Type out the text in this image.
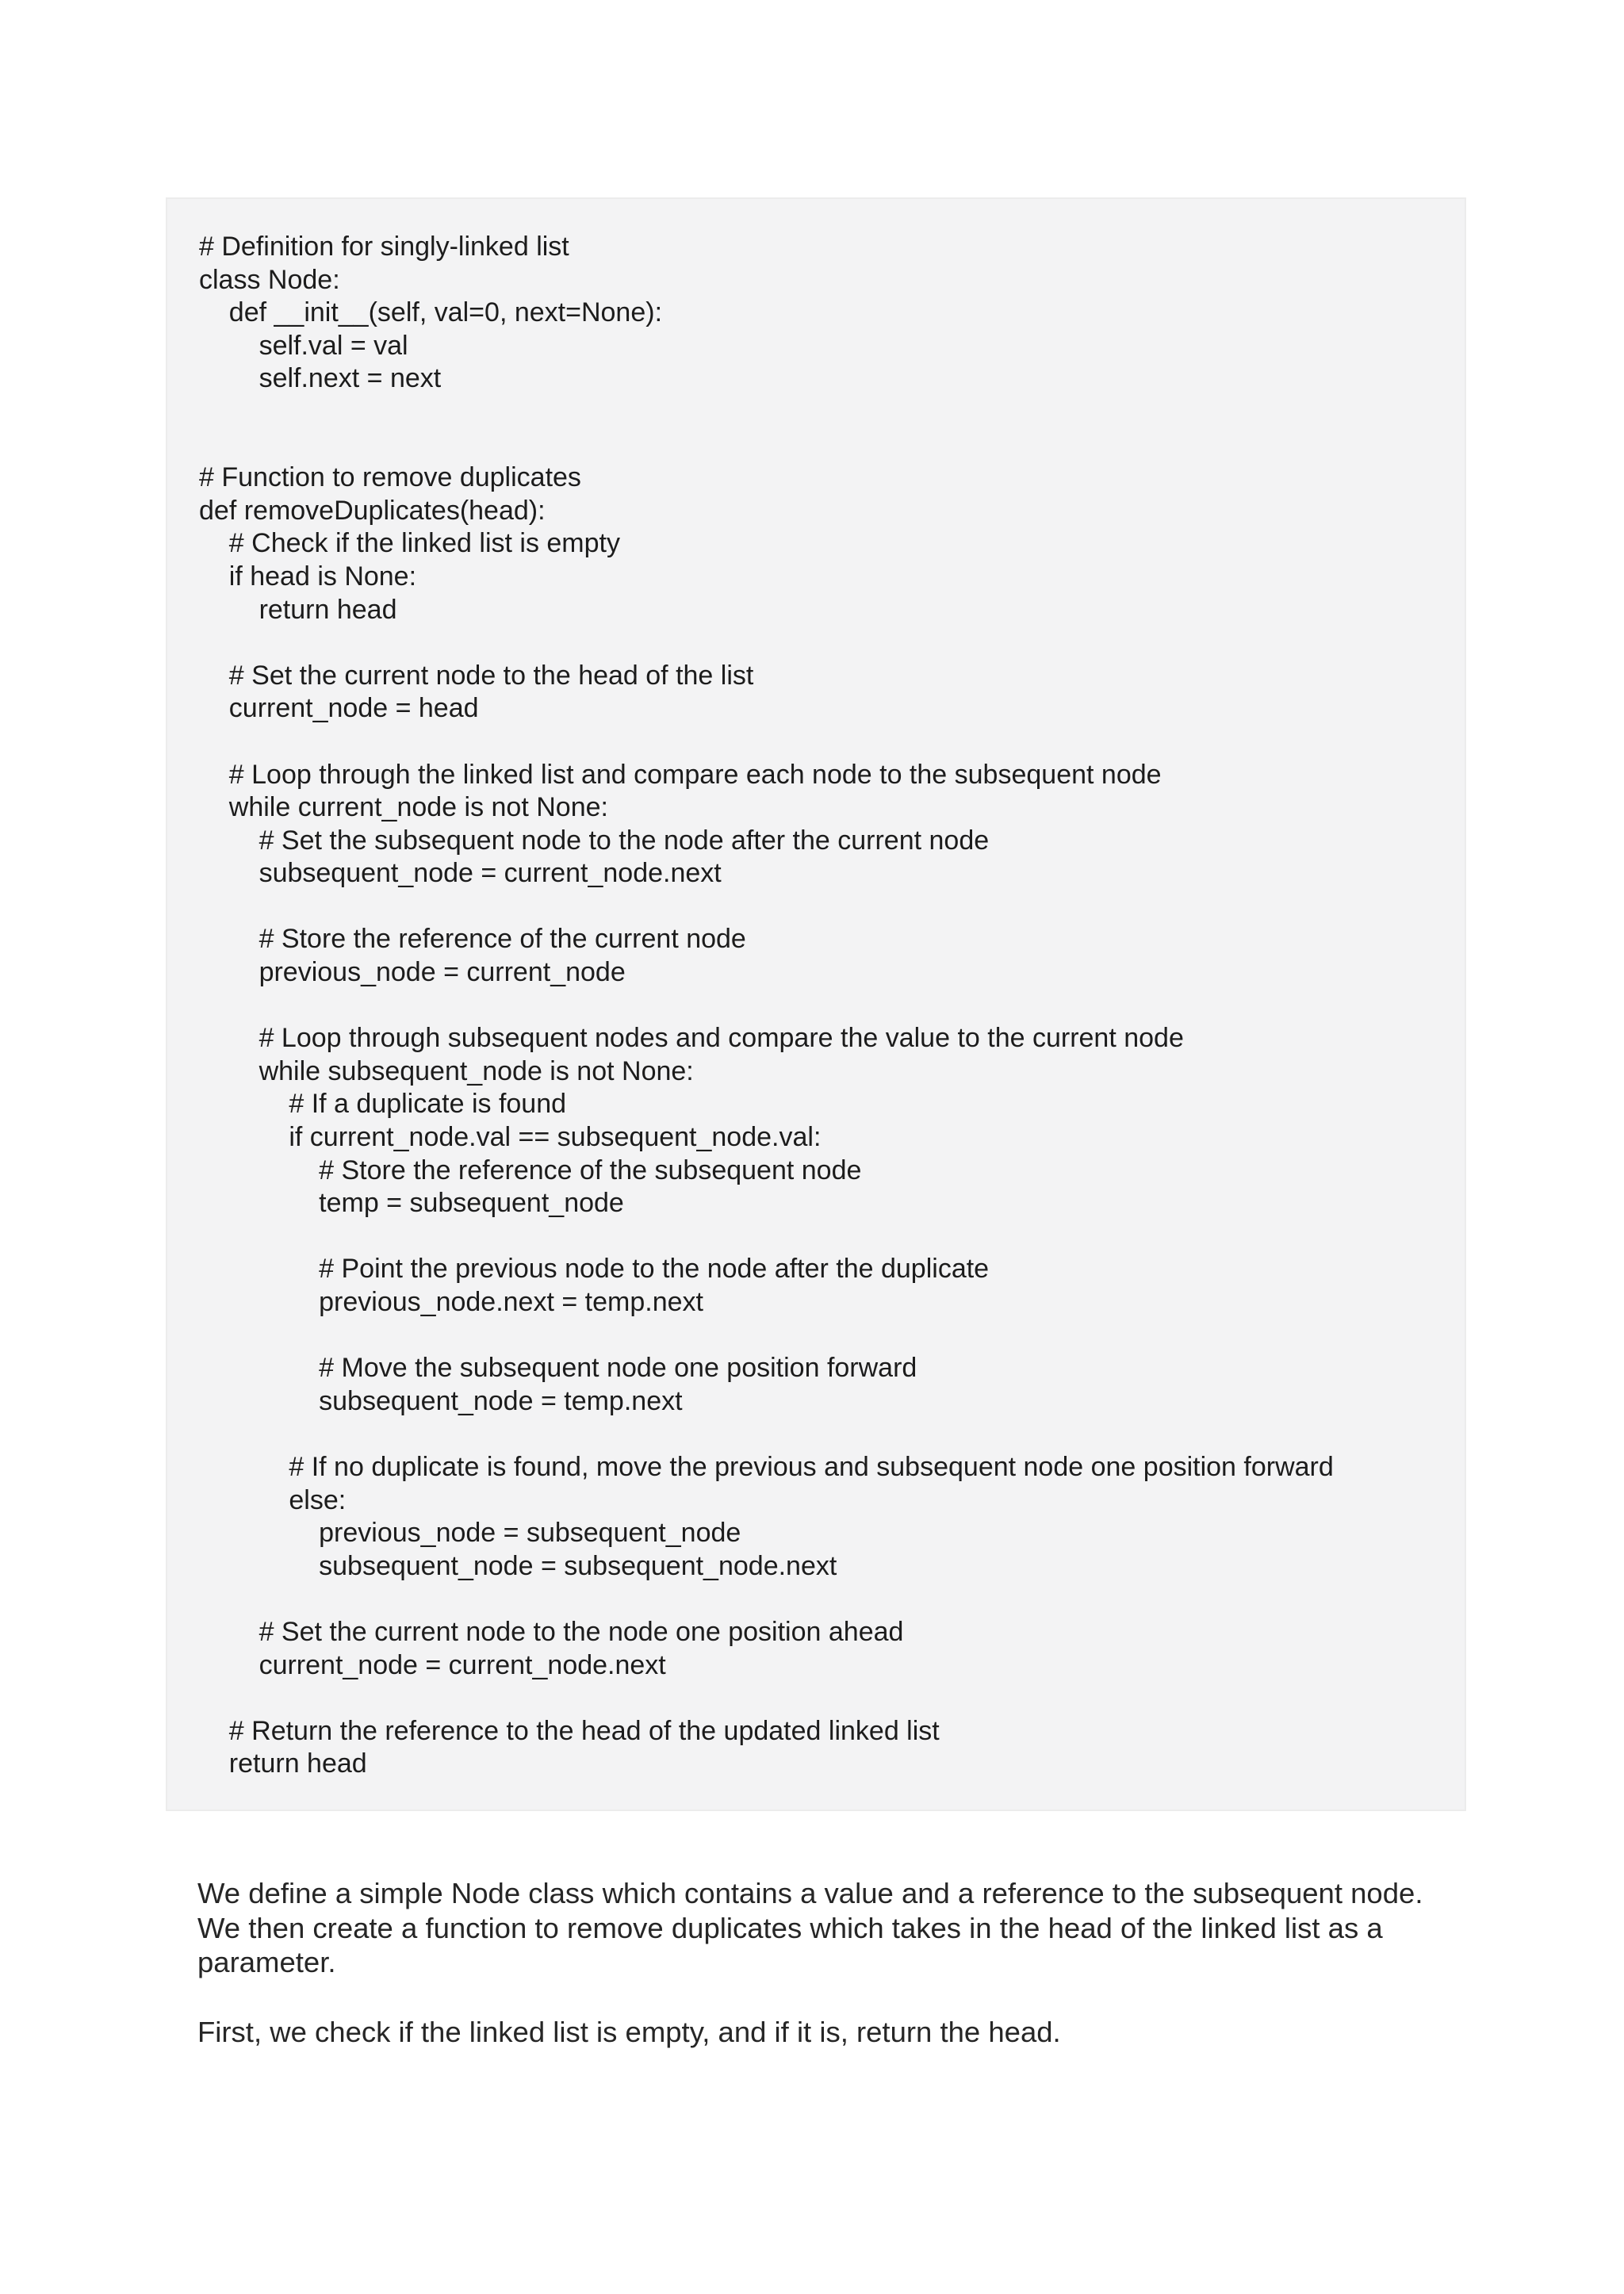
# Definition for singly-linked list
class Node:
def __init__(self, val=0, next=None):
self.val = val
self.next = next
# Function to remove duplicates
def removeDuplicates(head):
# Check if the linked list is empty
if head is None:
return head
# Set the current node to the head of the list
current_node = head
# Loop through the linked list and compare each node to the subsequent node
while current_node is not None:
# Set the subsequent node to the node after the current node
subsequent_node = current_node.next
# Store the reference of the current node
previous_node = current_node
# Loop through subsequent nodes and compare the value to the current node
while subsequent_node is not None:
# If a duplicate is found
if current_node.val == subsequent_node.val:
# Store the reference of the subsequent node
temp = subsequent_node
# Point the previous node to the node after the duplicate
previous_node.next = temp.next
# Move the subsequent node one position forward
subsequent_node = temp.next
# If no duplicate is found, move the previous and subsequent node one position forward
else:
previous_node = subsequent_node
subsequent_node = subsequent_node.next
# Set the current node to the node one position ahead
current_node = current_node.next
# Return the reference to the head of the updated linked list
return head

We define a simple Node class which contains a value and a reference to the subsequent node. We then create a function to remove duplicates which takes in the head of the linked list as a parameter.

First, we check if the linked list is empty, and if it is, return the head.
